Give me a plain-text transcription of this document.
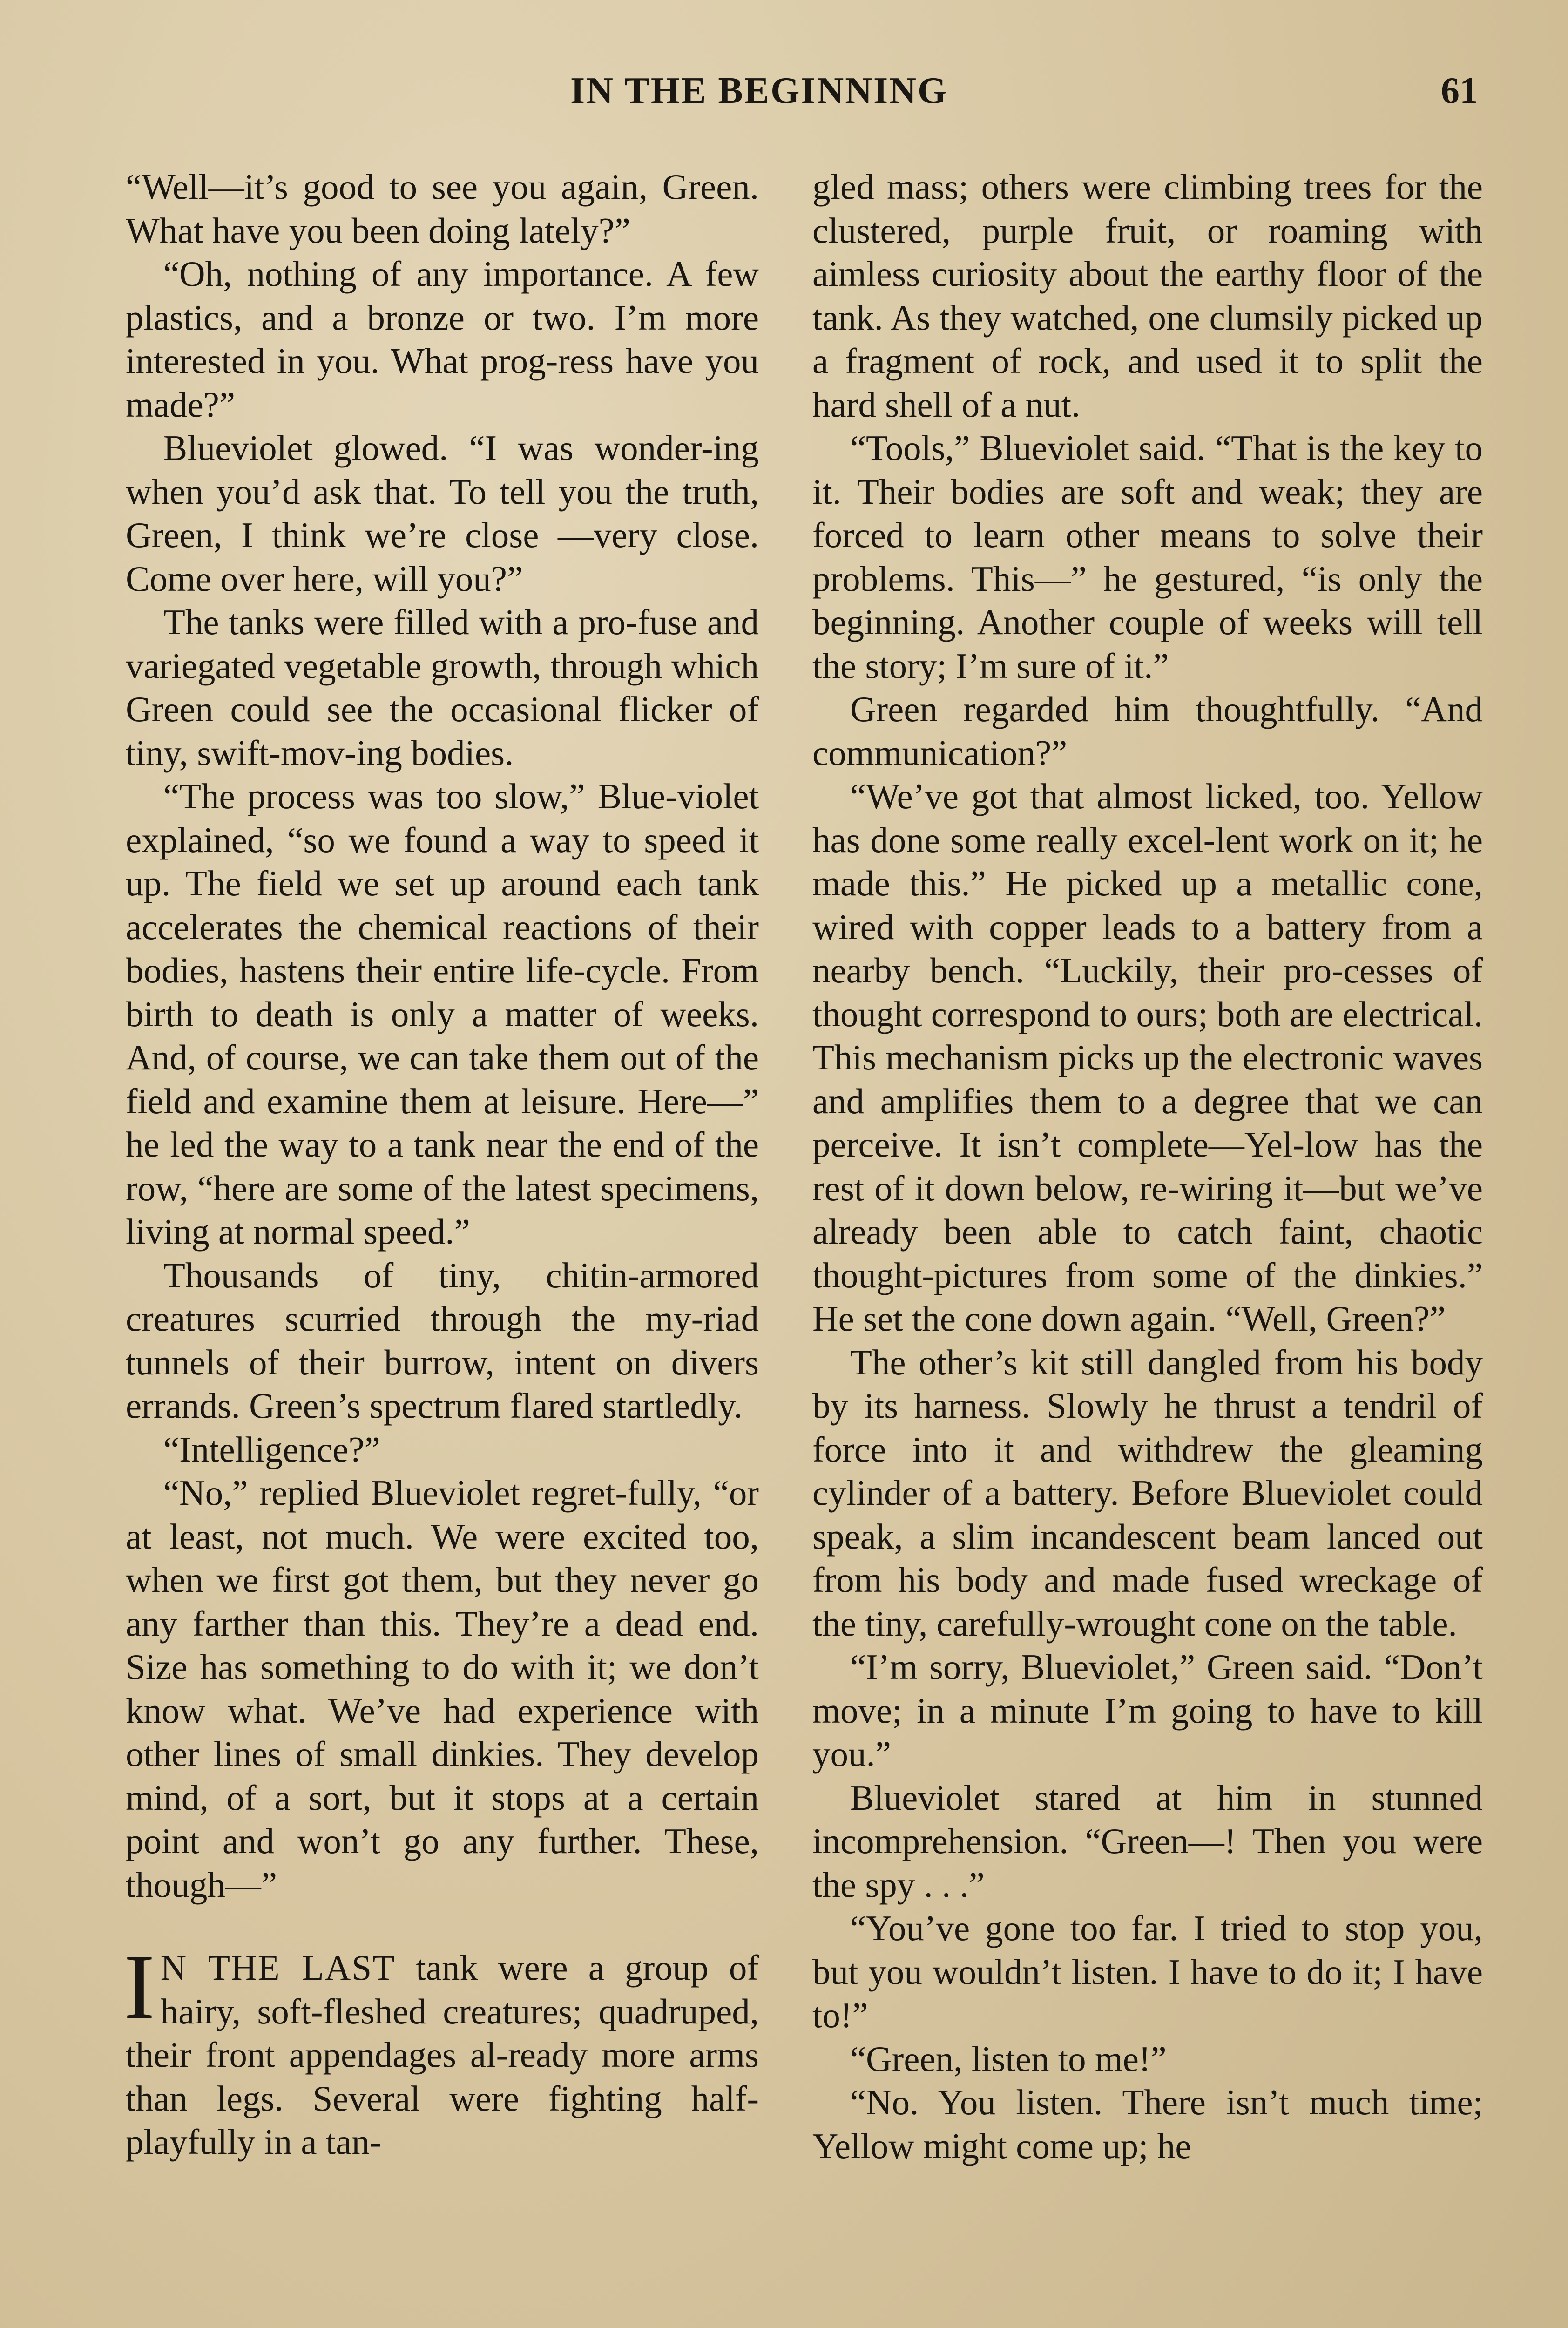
IN THE BEGINNING	61

“Well—it’s good to see you again, Green. What have you been doing lately?”

“Oh, nothing of any importance. A few plastics, and a bronze or two. I’m more interested in you. What prog-ress have you made?”

Blueviolet glowed. “I was wonder-ing when you’d ask that. To tell you the truth, Green, I think we’re close —very close. Come over here, will you?”

The tanks were filled with a pro-fuse and variegated vegetable growth, through which Green could see the occasional flicker of tiny, swift-mov-ing bodies.

“The process was too slow,” Blue-violet explained, “so we found a way to speed it up. The field we set up around each tank accelerates the chemical reactions of their bodies, hastens their entire life-cycle. From birth to death is only a matter of weeks. And, of course, we can take them out of the field and examine them at leisure. Here—” he led the way to a tank near the end of the row, “here are some of the latest specimens, living at normal speed.”

Thousands of tiny, chitin-armored creatures scurried through the my-riad tunnels of their burrow, intent on divers errands. Green’s spectrum flared startledly.

“Intelligence?”

“No,” replied Blueviolet regret-fully, “or at least, not much. We were excited too, when we first got them, but they never go any farther than this. They’re a dead end. Size has something to do with it; we don’t know what. We’ve had experience with other lines of small dinkies. They develop mind, of a sort, but it stops at a certain point and won’t go any further. These, though—”

I N THE LAST tank were a group of hairy, soft-fleshed creatures; quadruped, their front appendages al-ready more arms than legs. Several were fighting half-playfully in a tan-

gled mass; others were climbing trees for the clustered, purple fruit, or roaming with aimless curiosity about the earthy floor of the tank. As they watched, one clumsily picked up a fragment of rock, and used it to split the hard shell of a nut.

“Tools,” Blueviolet said. “That is the key to it. Their bodies are soft and weak; they are forced to learn other means to solve their problems. This—” he gestured, “is only the beginning. Another couple of weeks will tell the story; I’m sure of it.”

Green regarded him thoughtfully. “And communication?”

“We’ve got that almost licked, too. Yellow has done some really excel-lent work on it; he made this.” He picked up a metallic cone, wired with copper leads to a battery from a nearby bench. “Luckily, their pro-cesses of thought correspond to ours; both are electrical. This mechanism picks up the electronic waves and amplifies them to a degree that we can perceive. It isn’t complete—Yel-low has the rest of it down below, re-wiring it—but we’ve already been able to catch faint, chaotic thought-pictures from some of the dinkies.” He set the cone down again. “Well, Green?”

The other’s kit still dangled from his body by its harness. Slowly he thrust a tendril of force into it and withdrew the gleaming cylinder of a battery. Before Blueviolet could speak, a slim incandescent beam lanced out from his body and made fused wreckage of the tiny, carefully-wrought cone on the table.

“I’m sorry, Blueviolet,” Green said. “Don’t move; in a minute I’m going to have to kill you.”

Blueviolet stared at him in stunned incomprehension. “Green—! Then you were the spy . . .”

“You’ve gone too far. I tried to stop you, but you wouldn’t listen. I have to do it; I have to!”

“Green, listen to me!”

“No. You listen. There isn’t much time; Yellow might come up; he
